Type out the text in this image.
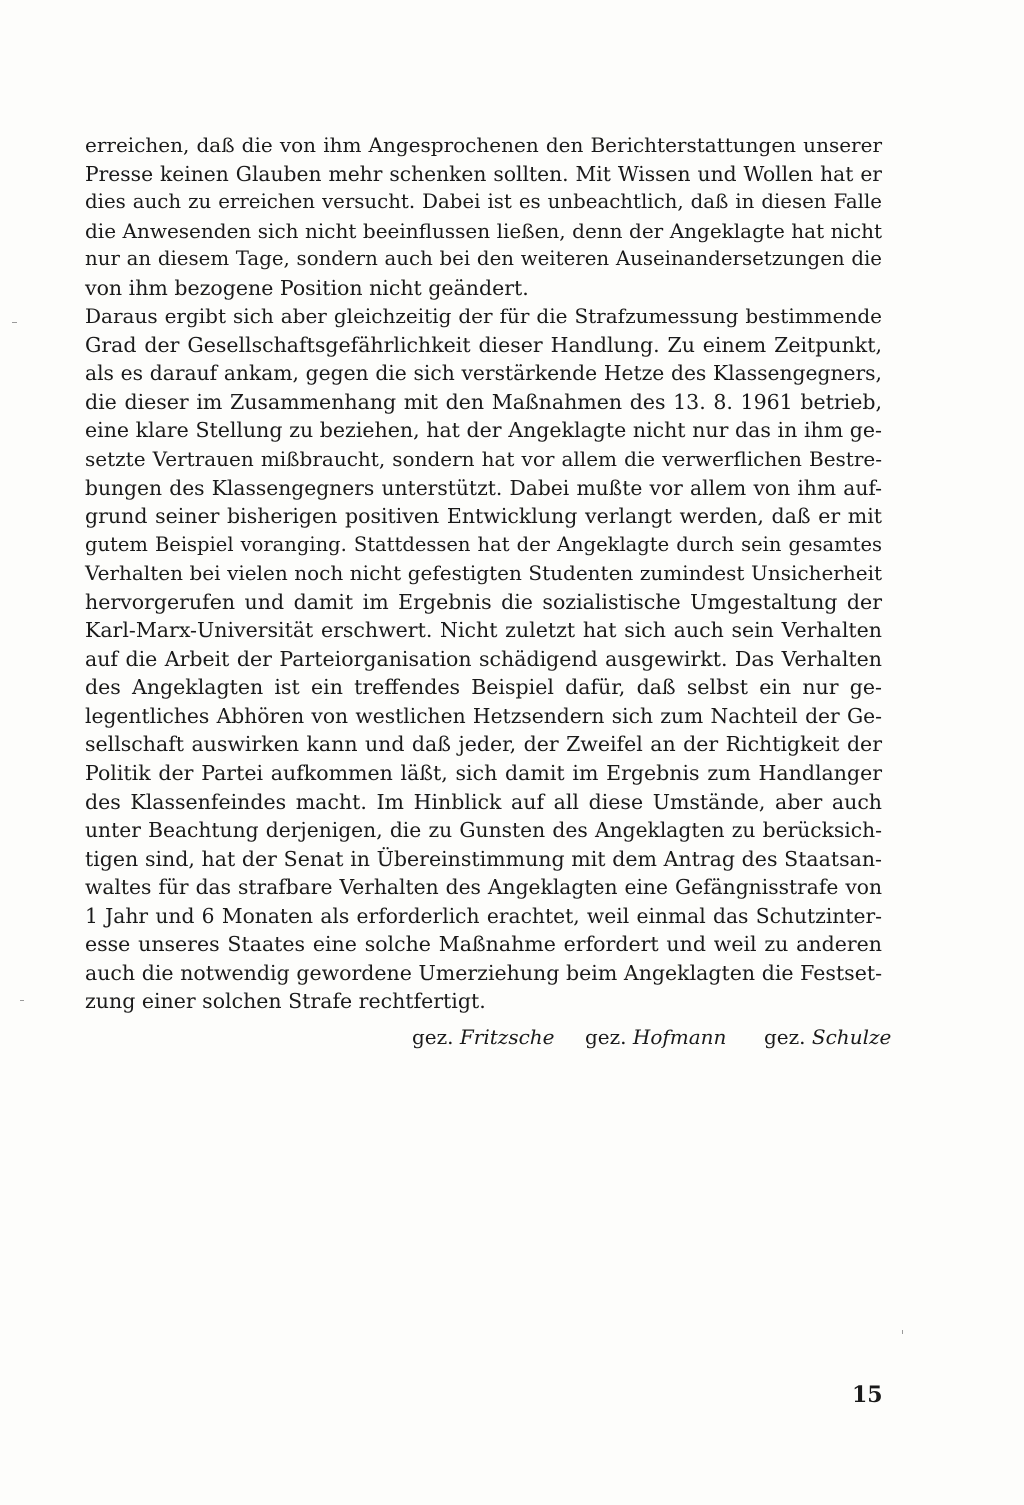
erreichen, daß die von ihm Angesprochenen den Berichterstattungen unserer
Presse keinen Glauben mehr schenken sollten. Mit Wissen und Wollen hat er
dies auch zu erreichen versucht. Dabei ist es unbeachtlich, daß in diesen Falle
die Anwesenden sich nicht beeinflussen ließen, denn der Angeklagte hat nicht
nur an diesem Tage, sondern auch bei den weiteren Auseinandersetzungen die
von ihm bezogene Position nicht geändert.
Daraus ergibt sich aber gleichzeitig der für die Strafzumessung bestimmende
Grad der Gesellschaftsgefährlichkeit dieser Handlung. Zu einem Zeitpunkt,
als es darauf ankam, gegen die sich verstärkende Hetze des Klassengegners,
die dieser im Zusammenhang mit den Maßnahmen des 13. 8. 1961 betrieb,
eine klare Stellung zu beziehen, hat der Angeklagte nicht nur das in ihm ge-
setzte Vertrauen mißbraucht, sondern hat vor allem die verwerflichen Bestre-
bungen des Klassengegners unterstützt. Dabei mußte vor allem von ihm auf-
grund seiner bisherigen positiven Entwicklung verlangt werden, daß er mit
gutem Beispiel voranging. Stattdessen hat der Angeklagte durch sein gesamtes
Verhalten bei vielen noch nicht gefestigten Studenten zumindest Unsicherheit
hervorgerufen und damit im Ergebnis die sozialistische Umgestaltung der
Karl-Marx-Universität erschwert. Nicht zuletzt hat sich auch sein Verhalten
auf die Arbeit der Parteiorganisation schädigend ausgewirkt. Das Verhalten
des Angeklagten ist ein treffendes Beispiel dafür, daß selbst ein nur ge-
legentliches Abhören von westlichen Hetzsendern sich zum Nachteil der Ge-
sellschaft auswirken kann und daß jeder, der Zweifel an der Richtigkeit der
Politik der Partei aufkommen läßt, sich damit im Ergebnis zum Handlanger
des Klassenfeindes macht. Im Hinblick auf all diese Umstände, aber auch
unter Beachtung derjenigen, die zu Gunsten des Angeklagten zu berücksich-
tigen sind, hat der Senat in Übereinstimmung mit dem Antrag des Staatsan-
waltes für das strafbare Verhalten des Angeklagten eine Gefängnisstrafe von
1 Jahr und 6 Monaten als erforderlich erachtet, weil einmal das Schutzinter-
esse unseres Staates eine solche Maßnahme erfordert und weil zu anderen
auch die notwendig gewordene Umerziehung beim Angeklagten die Festset-
zung einer solchen Strafe rechtfertigt.
gez. Fritzsche gez. Hofmann gez. Schulze
15
